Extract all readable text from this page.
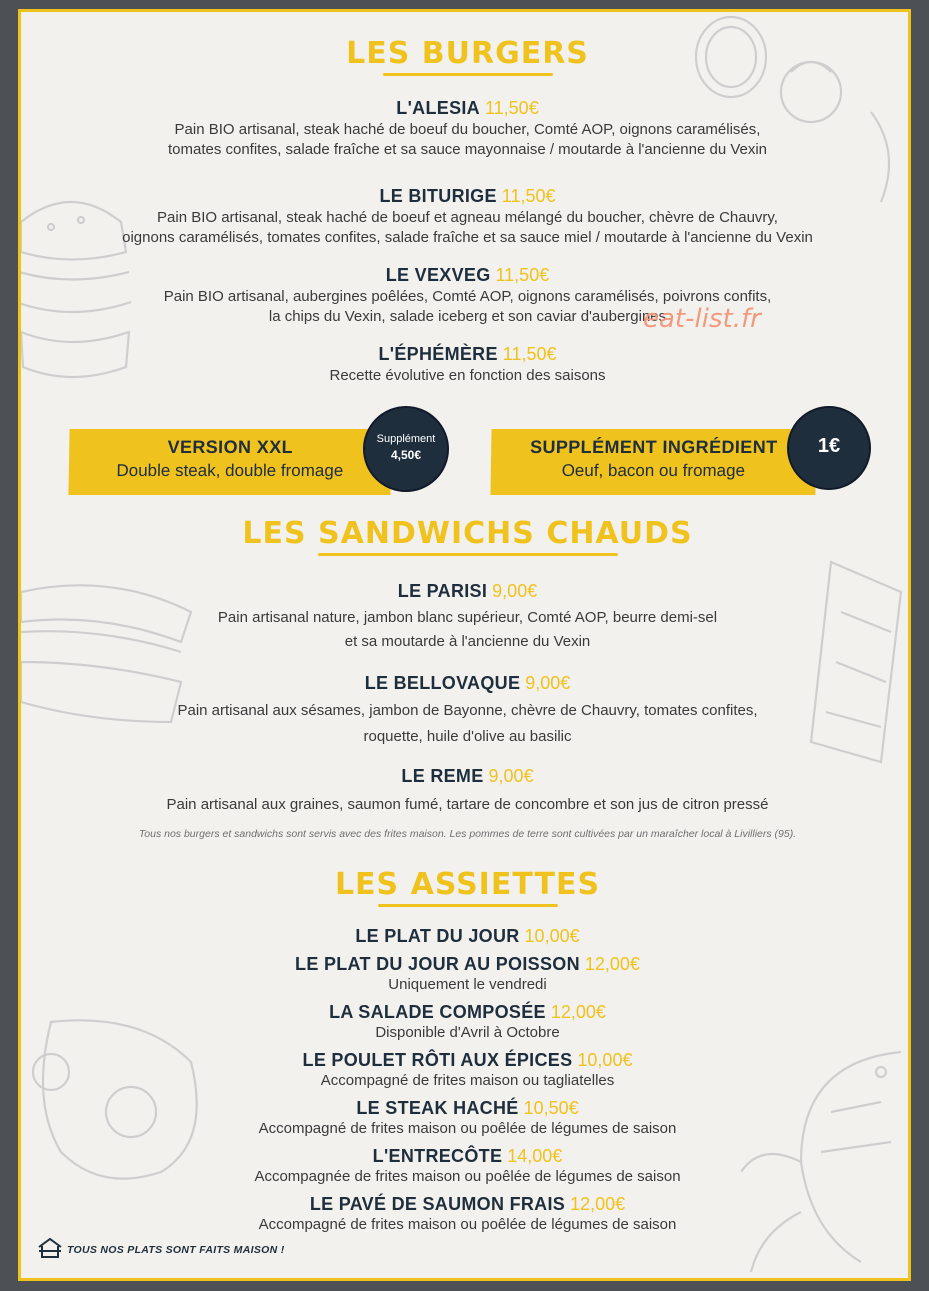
LES BURGERS
L'ALESIA 11,50€
Pain BIO artisanal, steak haché de boeuf du boucher, Comté AOP, oignons caramélisés,
tomates confites, salade fraîche et sa sauce mayonnaise / moutarde à l'ancienne du Vexin
LE BITURIGE 11,50€
Pain BIO artisanal, steak haché de boeuf et agneau mélangé du boucher, chèvre de Chauvry,
oignons caramélisés, tomates confites, salade fraîche et sa sauce miel / moutarde à l'ancienne du Vexin
LE VEXVEG 11,50€
Pain BIO artisanal, aubergines poêlées, Comté AOP, oignons caramélisés, poivrons confits,
la chips du Vexin, salade iceberg et son caviar d'aubergines
eat-list.fr
L'ÉPHÉMÈRE 11,50€
Recette évolutive en fonction des saisons
VERSION XXL
Double steak, double fromage
Supplément
4,50€	SUPPLÉMENT INGRÉDIENT
Oeuf, bacon ou fromage
1€
LES SANDWICHS CHAUDS
LE PARISI 9,00€
Pain artisanal nature, jambon blanc supérieur, Comté AOP, beurre demi-sel
et sa moutarde à l'ancienne du Vexin
LE BELLOVAQUE 9,00€
Pain artisanal aux sésames, jambon de Bayonne, chèvre de Chauvry, tomates confites,
roquette, huile d'olive au basilic
LE REME 9,00€
Pain artisanal aux graines, saumon fumé, tartare de concombre et son jus de citron pressé
Tous nos burgers et sandwichs sont servis avec des frites maison. Les pommes de terre sont cultivées par un maraîcher local à Livilliers (95).
LES ASSIETTES
LE PLAT DU JOUR 10,00€
LE PLAT DU JOUR AU POISSON 12,00€
Uniquement le vendredi
LA SALADE COMPOSÉE 12,00€
Disponible d'Avril à Octobre
LE POULET RÔTI AUX ÉPICES 10,00€
Accompagné de frites maison ou tagliatelles
LE STEAK HACHÉ 10,50€
Accompagné de frites maison ou poêlée de légumes de saison
L'ENTRECÔTE 14,00€
Accompagnée de frites maison ou poêlée de légumes de saison
LE PAVÉ DE SAUMON FRAIS 12,00€
Accompagné de frites maison ou poêlée de légumes de saison
TOUS NOS PLATS SONT FAITS MAISON !
